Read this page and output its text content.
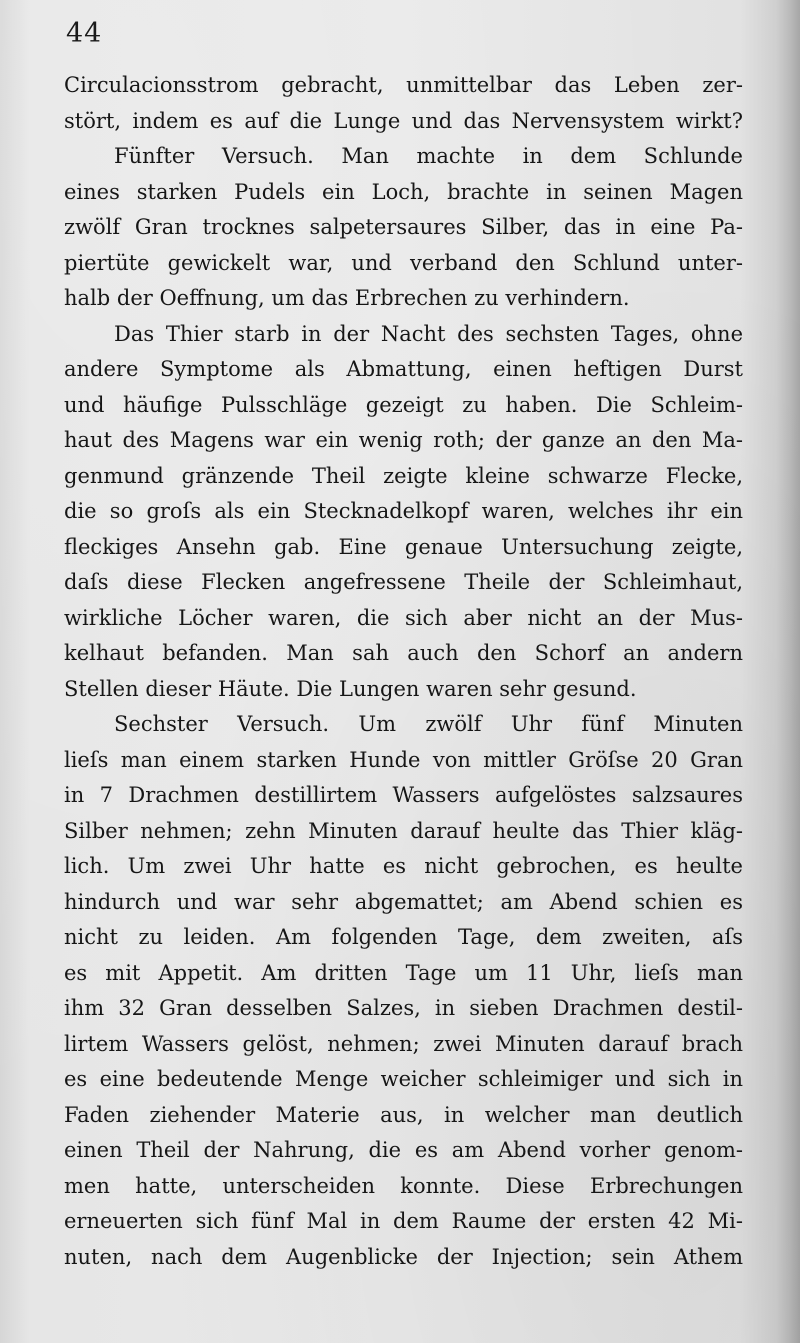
44

Circulacionsstrom gebracht, unmittelbar das Leben zer-
stört, indem es auf die Lunge und das Nervensystem wirkt?
Fünfter Versuch. Man machte in dem Schlunde
eines starken Pudels ein Loch, brachte in seinen Magen
zwölf Gran trocknes salpetersaures Silber, das in eine Pa-
piertüte gewickelt war, und verband den Schlund unter-
halb der Oeffnung, um das Erbrechen zu verhindern.
Das Thier starb in der Nacht des sechsten Tages, ohne
andere Symptome als Abmattung, einen heftigen Durst
und häufige Pulsschläge gezeigt zu haben. Die Schleim-
haut des Magens war ein wenig roth; der ganze an den Ma-
genmund gränzende Theil zeigte kleine schwarze Flecke,
die so groſs als ein Stecknadelkopf waren, welches ihr ein
fleckiges Ansehn gab. Eine genaue Untersuchung zeigte,
daſs diese Flecken angefressene Theile der Schleimhaut,
wirkliche Löcher waren, die sich aber nicht an der Mus-
kelhaut befanden. Man sah auch den Schorf an andern
Stellen dieser Häute. Die Lungen waren sehr gesund.
Sechster Versuch. Um zwölf Uhr fünf Minuten
lieſs man einem starken Hunde von mittler Gröſse 20 Gran
in 7 Drachmen destillirtem Wassers aufgelöstes salzsaures
Silber nehmen; zehn Minuten darauf heulte das Thier kläg-
lich. Um zwei Uhr hatte es nicht gebrochen, es heulte
hindurch und war sehr abgemattet; am Abend schien es
nicht zu leiden. Am folgenden Tage, dem zweiten, aſs
es mit Appetit. Am dritten Tage um 11 Uhr, lieſs man
ihm 32 Gran desselben Salzes, in sieben Drachmen destil-
lirtem Wassers gelöst, nehmen; zwei Minuten darauf brach
es eine bedeutende Menge weicher schleimiger und sich in
Faden ziehender Materie aus, in welcher man deutlich
einen Theil der Nahrung, die es am Abend vorher genom-
men hatte, unterscheiden konnte. Diese Erbrechungen
erneuerten sich fünf Mal in dem Raume der ersten 42 Mi-
nuten, nach dem Augenblicke der Injection; sein Athem
